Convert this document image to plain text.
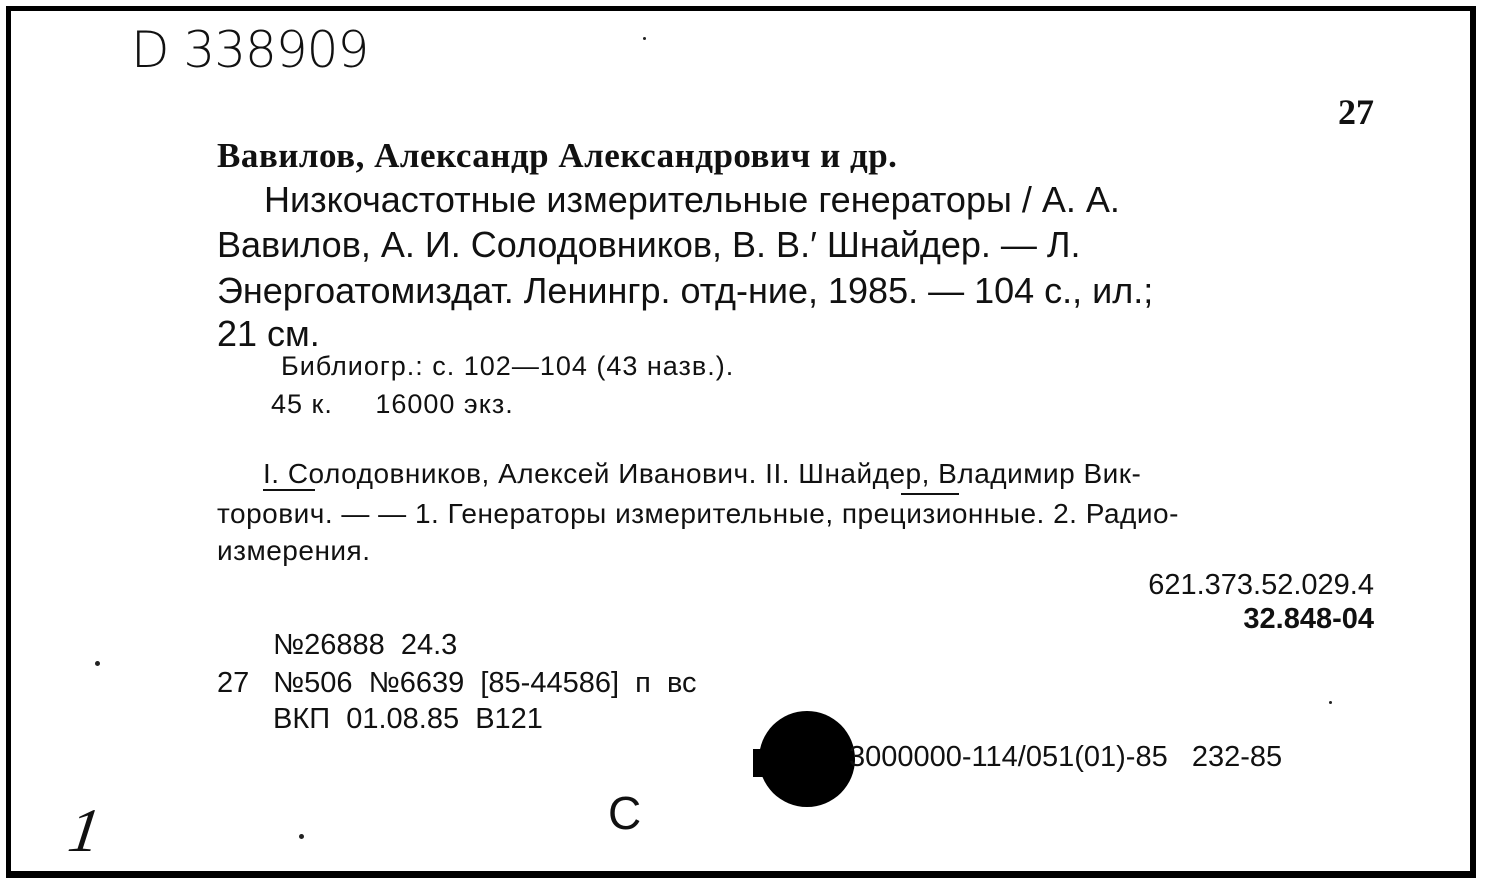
D 338909
27
Вавилов, Александр Александрович и др.
Низкочастотные измерительные генераторы / А. А.
Вавилов, А. И. Солодовников, В. В.′ Шнайдер. — Л.
Энергоатомиздат. Ленингр. отд-ние, 1985. — 104 с., ил.;
21 см.
Библиогр.: с. 102—104 (43 назв.).
45 к.     16000 экз.
I. Солодовников, Алексей Иванович. II. Шнайдер, Владимир Вик-
торович. — — 1. Генераторы измерительные, прецизионные. 2. Радио-
измерения.
621.373.52.029.4
32.848-04
№26888  24.3
27 №506  №6639  [85-44586]  п  вс
ВКП  01.08.85  В121
3000000-114/051(01)-85   232-85
С
1
